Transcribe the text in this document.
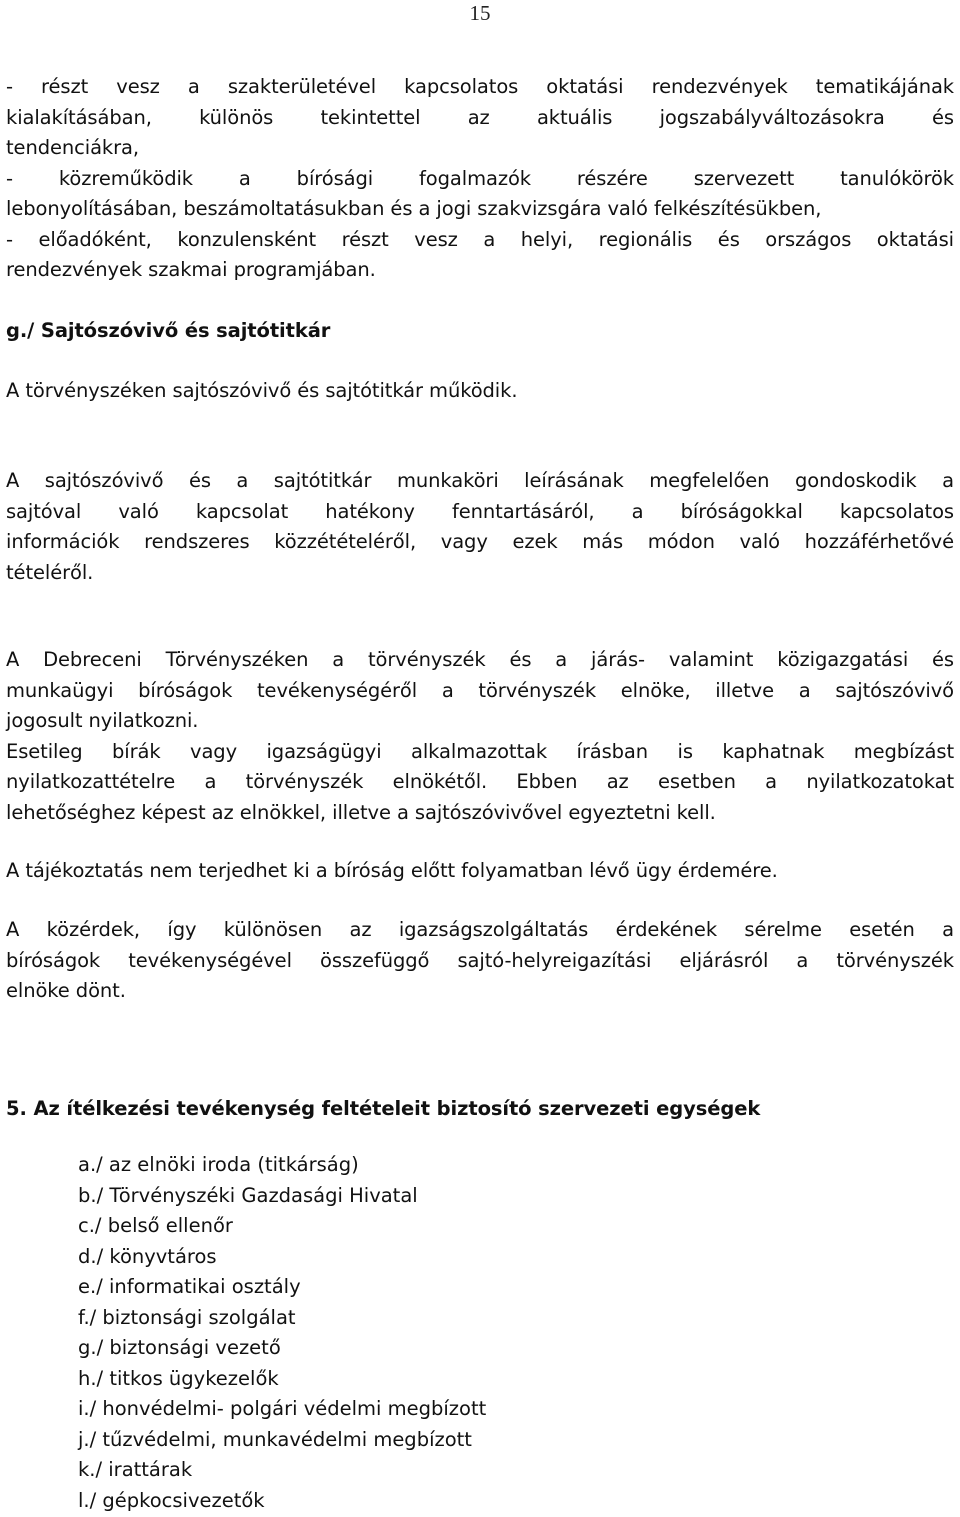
15

- részt vesz a szakterületével kapcsolatos oktatási rendezvények tematikájának
kialakításában, különös tekintettel az aktuális jogszabályváltozásokra és
tendenciákra,

- közreműködik a bírósági fogalmazók részére szervezett tanulókörök
lebonyolításában, beszámoltatásukban és a jogi szakvizsgára való felkészítésükben,

- előadóként, konzulensként részt vesz a helyi, regionális és országos oktatási
rendezvények szakmai programjában.

g./ Sajtószóvivő és sajtótitkár
A törvényszéken sajtószóvivő és sajtótitkár működik.

A sajtószóvivő és a sajtótitkár munkaköri leírásának megfelelően gondoskodik a
sajtóval való kapcsolat hatékony fenntartásáról, a bíróságokkal kapcsolatos
információk rendszeres közzétételéről, vagy ezek más módon való hozzáférhetővé
tételéről.

A Debreceni Törvényszéken a törvényszék és a járás- valamint közigazgatási és
munkaügyi bíróságok tevékenységéről a törvényszék elnöke, illetve a sajtószóvivő
jogosult nyilatkozni.

Esetileg bírák vagy igazságügyi alkalmazottak írásban is kaphatnak megbízást
nyilatkozattételre a törvényszék elnökétől. Ebben az esetben a nyilatkozatokat
lehetőséghez képest az elnökkel, illetve a sajtószóvivővel egyeztetni kell.

A tájékoztatás nem terjedhet ki a bíróság előtt folyamatban lévő ügy érdemére.

A közérdek, így különösen az igazságszolgáltatás érdekének sérelme esetén a
bíróságok tevékenységével összefüggő sajtó-helyreigazítási eljárásról a törvényszék
elnöke dönt.

5. Az ítélkezési tevékenység feltételeit biztosító szervezeti egységek
a./ az elnöki iroda (titkárság)
b./ Törvényszéki Gazdasági Hivatal
c./ belső ellenőr
d./ könyvtáros
e./ informatikai osztály
f./ biztonsági szolgálat
g./ biztonsági vezető
h./ titkos ügykezelők
i./ honvédelmi- polgári védelmi megbízott
j./ tűzvédelmi, munkavédelmi megbízott
k./ irattárak
l./ gépkocsivezetők
